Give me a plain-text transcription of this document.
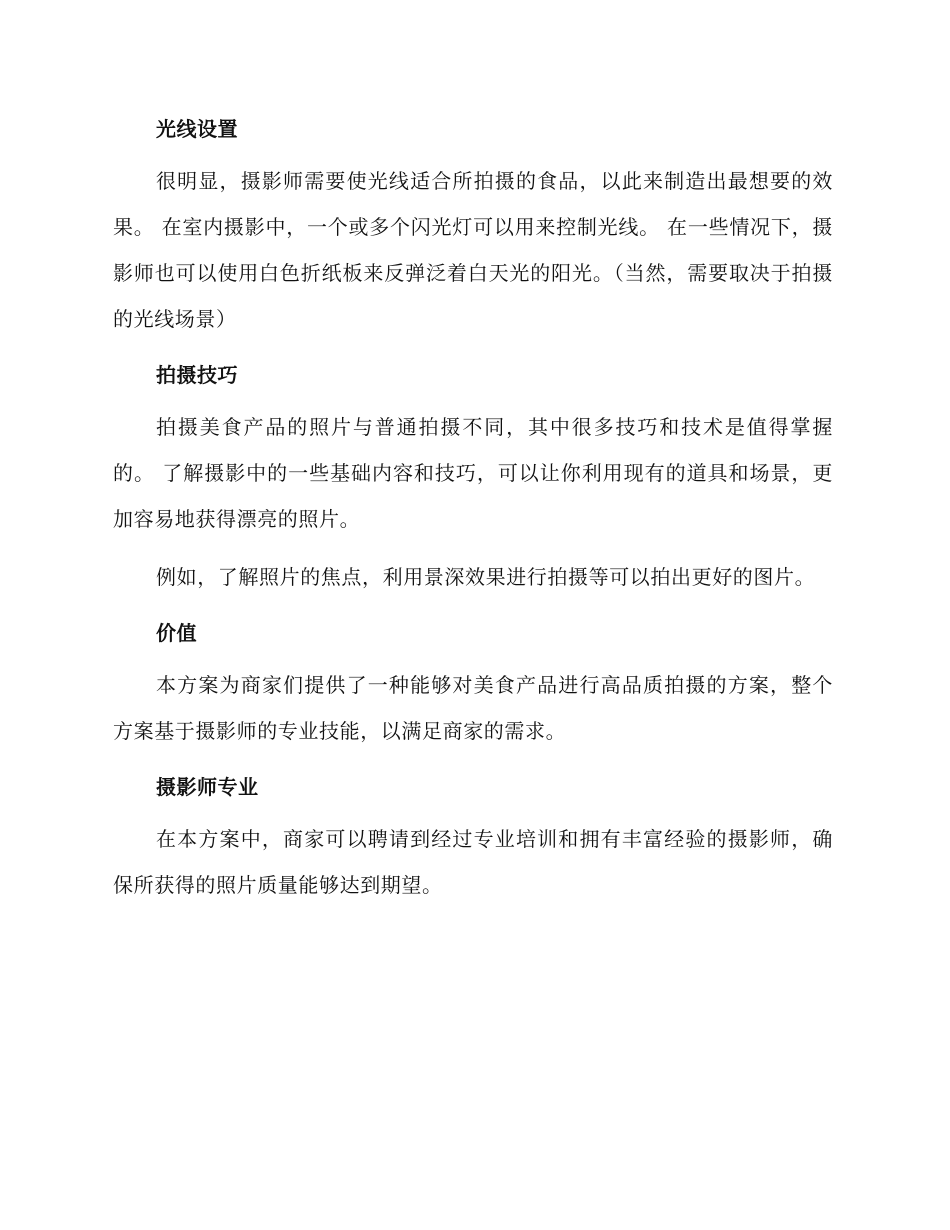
光线设置

很明显，摄影师需要使光线适合所拍摄的食品，以此来制造出最想要的效果。 在室内摄影中，一个或多个闪光灯可以用来控制光线。 在一些情况下，摄影师也可以使用白色折纸板来反弹泛着白天光的阳光。（当然，需要取决于拍摄的光线场景）

拍摄技巧

拍摄美食产品的照片与普通拍摄不同，其中很多技巧和技术是值得掌握的。 了解摄影中的一些基础内容和技巧，可以让你利用现有的道具和场景，更加容易地获得漂亮的照片。

例如，了解照片的焦点，利用景深效果进行拍摄等可以拍出更好的图片。

价值

本方案为商家们提供了一种能够对美食产品进行高品质拍摄的方案，整个方案基于摄影师的专业技能，以满足商家的需求。

摄影师专业

在本方案中，商家可以聘请到经过专业培训和拥有丰富经验的摄影师，确保所获得的照片质量能够达到期望。
